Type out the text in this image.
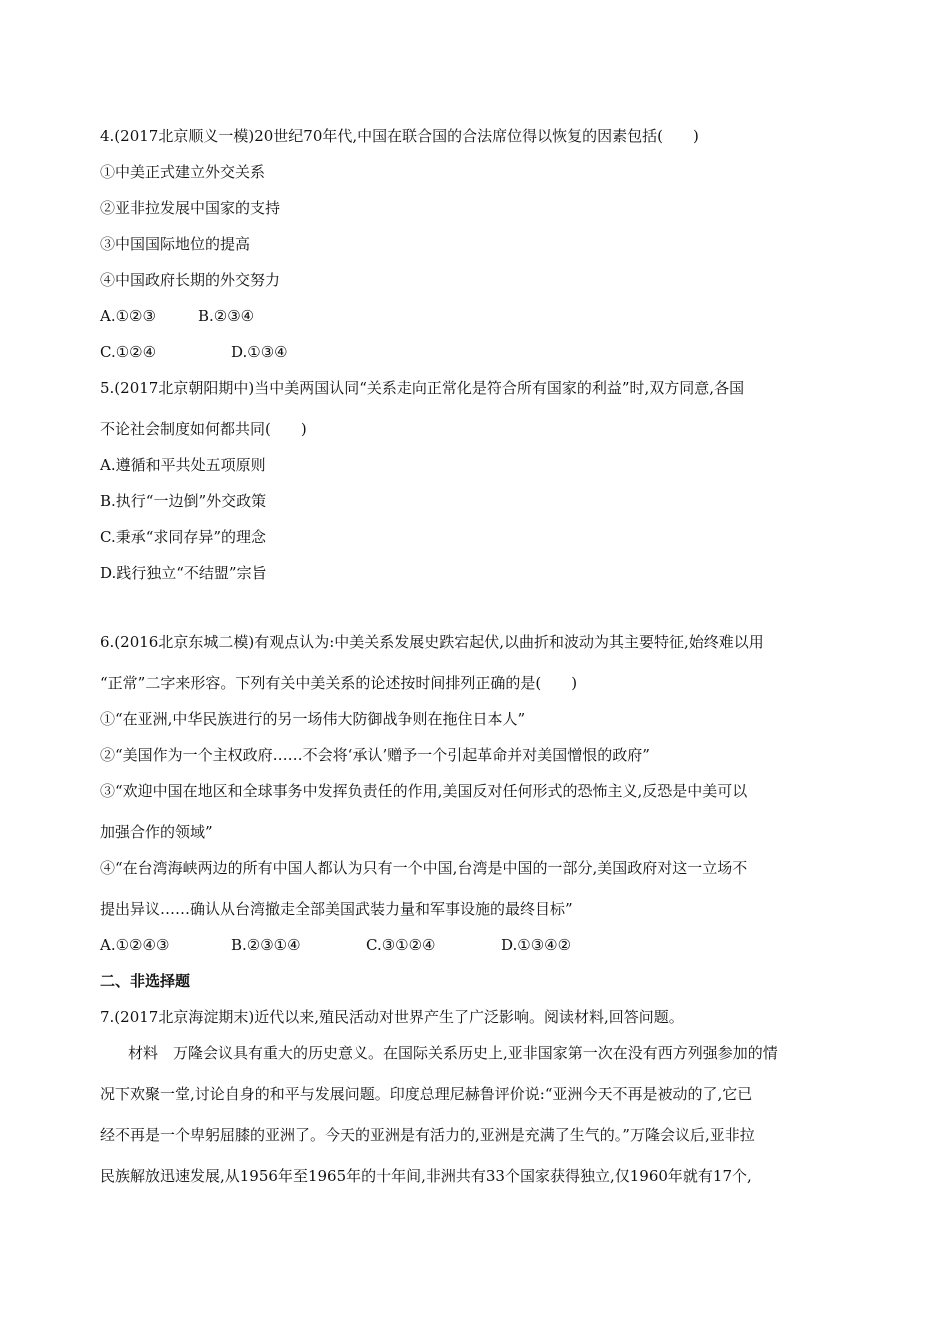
4.(2017北京顺义一模)20世纪70年代,中国在联合国的合法席位得以恢复的因素包括(　　)
①中美正式建立外交关系
②亚非拉发展中国家的支持
③中国国际地位的提高
④中国政府长期的外交努力
A.①②③	B.②③④
C.①②④	D.①③④
5.(2017北京朝阳期中)当中美两国认同“关系走向正常化是符合所有国家的利益”时,双方同意,各国
不论社会制度如何都共同(　　)
A.遵循和平共处五项原则
B.执行“一边倒”外交政策
C.秉承“求同存异”的理念
D.践行独立“不结盟”宗旨
6.(2016北京东城二模)有观点认为:中美关系发展史跌宕起伏,以曲折和波动为其主要特征,始终难以用
“正常”二字来形容。下列有关中美关系的论述按时间排列正确的是(　　)
①“在亚洲,中华民族进行的另一场伟大防御战争则在拖住日本人”
②“美国作为一个主权政府……不会将‘承认’赠予一个引起革命并对美国憎恨的政府”
③“欢迎中国在地区和全球事务中发挥负责任的作用,美国反对任何形式的恐怖主义,反恐是中美可以
加强合作的领域”
④“在台湾海峡两边的所有中国人都认为只有一个中国,台湾是中国的一部分,美国政府对这一立场不
提出异议……确认从台湾撤走全部美国武装力量和军事设施的最终目标”
A.①②④③	B.②③①④	C.③①②④	D.①③④②
二、非选择题
7.(2017北京海淀期末)近代以来,殖民活动对世界产生了广泛影响。阅读材料,回答问题。
材料　万隆会议具有重大的历史意义。在国际关系历史上,亚非国家第一次在没有西方列强参加的情
况下欢聚一堂,讨论自身的和平与发展问题。印度总理尼赫鲁评价说:“亚洲今天不再是被动的了,它已
经不再是一个卑躬屈膝的亚洲了。今天的亚洲是有活力的,亚洲是充满了生气的。”万隆会议后,亚非拉
民族解放迅速发展,从1956年至1965年的十年间,非洲共有33个国家获得独立,仅1960年就有17个,
